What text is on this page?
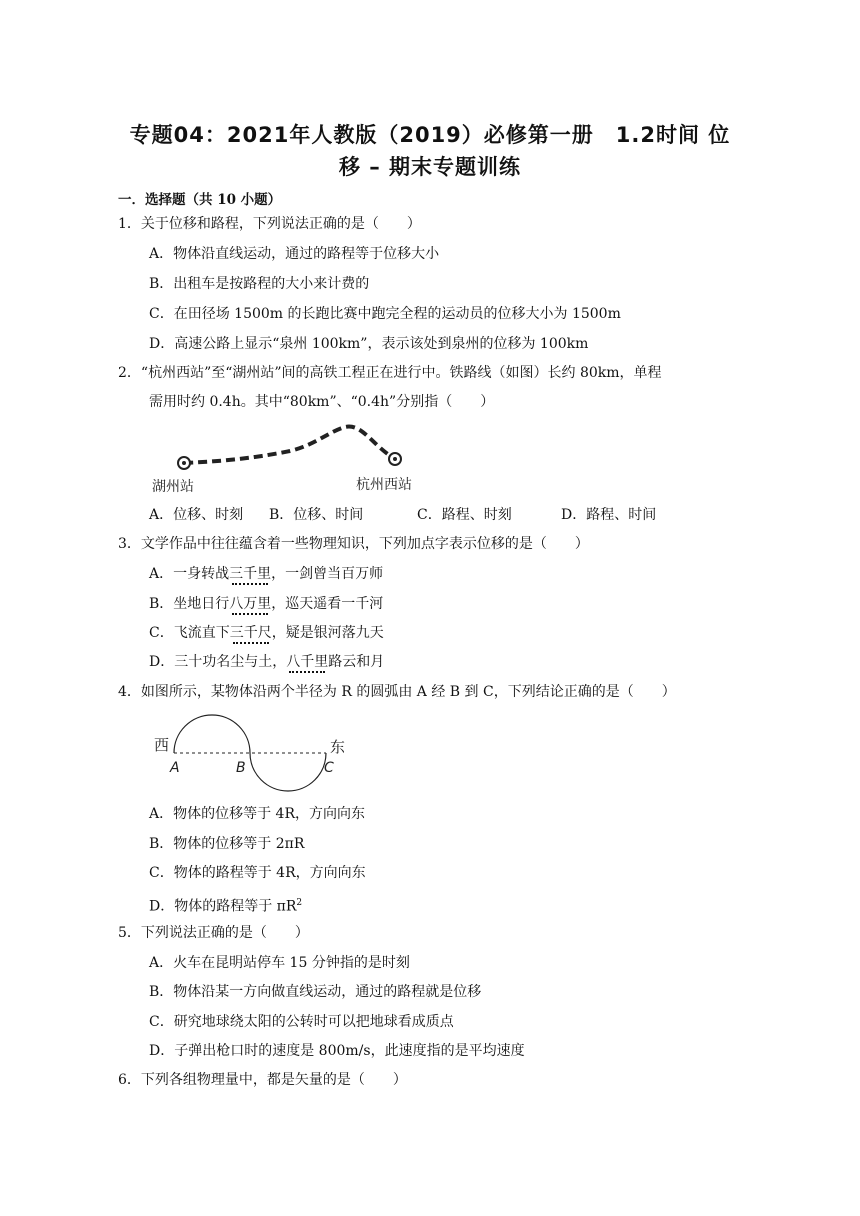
专题04：2021年人教版（2019）必修第一册　1.2时间 位
移 – 期末专题训练
一．选择题（共 10 小题）
1．关于位移和路程，下列说法正确的是（　　）
A．物体沿直线运动，通过的路程等于位移大小
B．出租车是按路程的大小来计费的
C．在田径场 1500m 的长跑比赛中跑完全程的运动员的位移大小为 1500m
D．高速公路上显示“泉州 100km”，表示该处到泉州的位移为 100km
2．“杭州西站”至“湖州站”间的高铁工程正在进行中。铁路线（如图）长约 80km，单程
需用时约 0.4h。其中“80km”、“0.4h”分别指（　　）
湖州站	杭州西站
A．位移、时刻 B．位移、时间	C．路程、时刻	D．路程、时间
3．文学作品中往往蕴含着一些物理知识，下列加点字表示位移的是（　　）
A．一身转战三千里，一剑曾当百万师
B．坐地日行八万里，巡天遥看一千河
C．飞流直下三千尺，疑是银河落九天
D．三十功名尘与土，八千里路云和月
4．如图所示，某物体沿两个半径为 R 的圆弧由 A 经 B 到 C，下列结论正确的是（　　）
西	东
A	B	C
A．物体的位移等于 4R，方向向东
B．物体的位移等于 2πR
C．物体的路程等于 4R，方向向东
D．物体的路程等于 $\pi R^2$
5．下列说法正确的是（　　）
A．火车在昆明站停车 15 分钟指的是时刻
B．物体沿某一方向做直线运动，通过的路程就是位移
C．研究地球绕太阳的公转时可以把地球看成质点
D．子弹出枪口时的速度是 800m/s，此速度指的是平均速度
6．下列各组物理量中，都是矢量的是（　　）
